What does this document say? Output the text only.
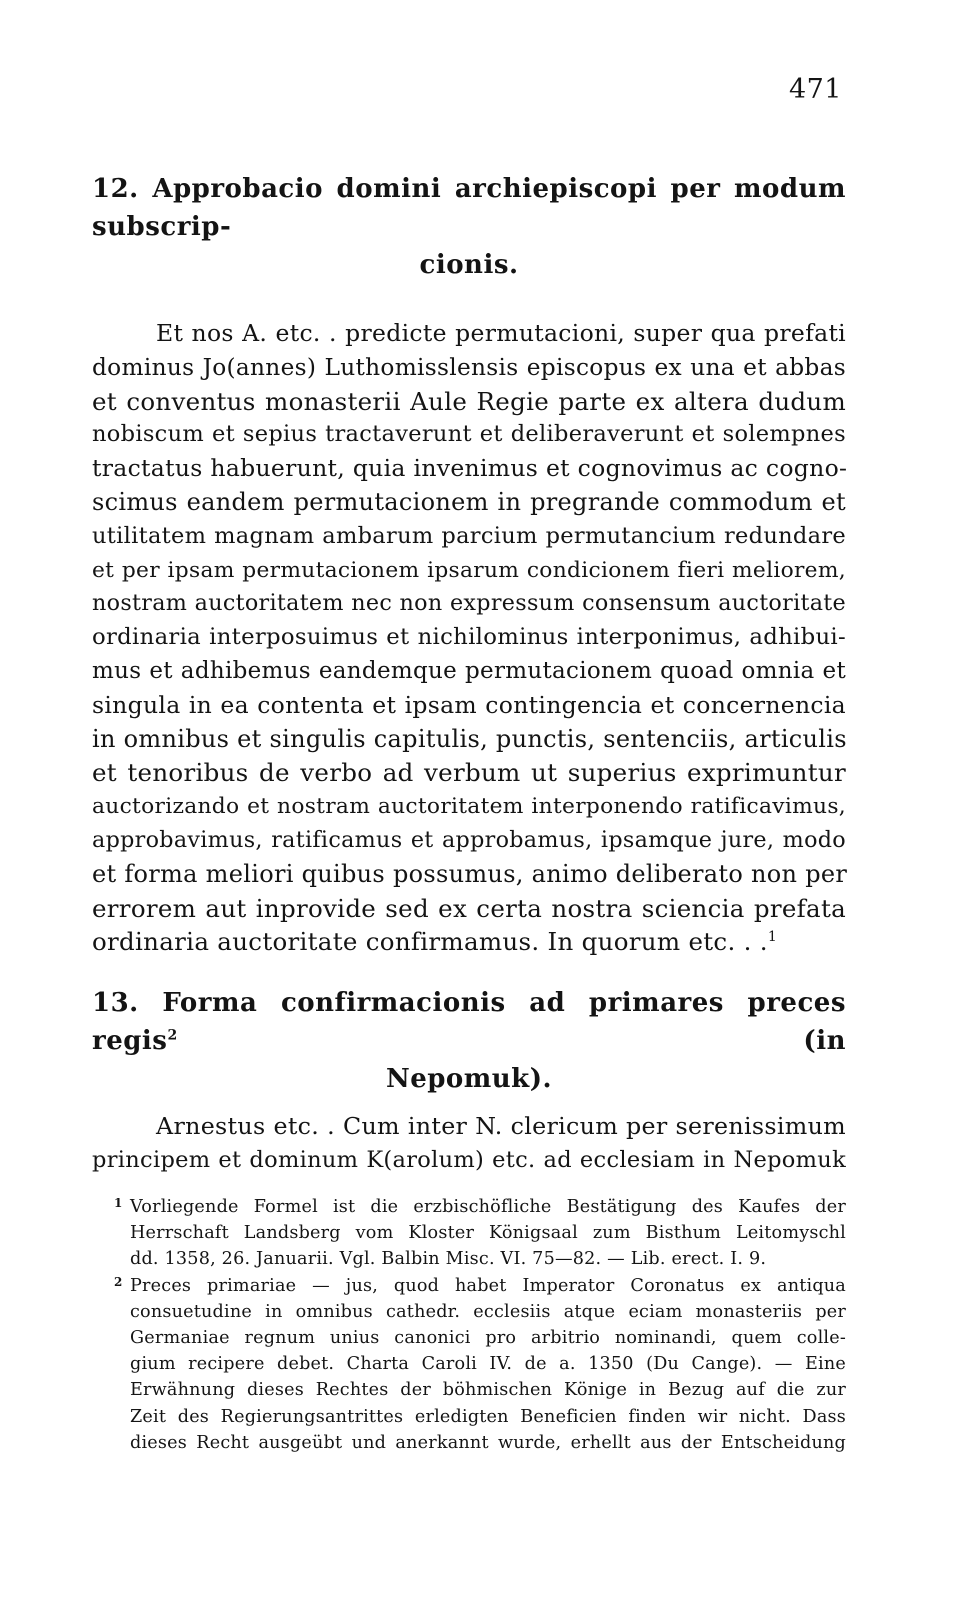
471
12. Approbacio domini archiepiscopi per modum subscrip-
cionis.
Et nos A. etc. . predicte permutacioni, super qua prefati
dominus Jo(annes) Luthomisslensis episcopus ex una et abbas
et conventus monasterii Aule Regie parte ex altera dudum
nobiscum et sepius tractaverunt et deliberaverunt et solempnes
tractatus habuerunt, quia invenimus et cognovimus ac cogno-
scimus eandem permutacionem in pregrande commodum et
utilitatem magnam ambarum parcium permutancium redundare
et per ipsam permutacionem ipsarum condicionem fieri meliorem,
nostram auctoritatem nec non expressum consensum auctoritate
ordinaria interposuimus et nichilominus interponimus, adhibui-
mus et adhibemus eandemque permutacionem quoad omnia et
singula in ea contenta et ipsam contingencia et concernencia
in omnibus et singulis capitulis, punctis, sentenciis, articulis
et tenoribus de verbo ad verbum ut superius exprimuntur
auctorizando et nostram auctoritatem interponendo ratificavimus,
approbavimus, ratificamus et approbamus, ipsamque jure, modo
et forma meliori quibus possumus, animo deliberato non per
errorem aut inprovide sed ex certa nostra sciencia prefata
ordinaria auctoritate confirmamus. In quorum etc. . .$^1$
13. Forma confirmacionis ad primares preces regis$^2$ (in
Nepomuk).
Arnestus etc. . Cum inter N. clericum per serenissimum
principem et dominum K(arolum) etc. ad ecclesiam in Nepomuk
1 Vorliegende Formel ist die erzbischöfliche Bestätigung des Kaufes der
Herrschaft Landsberg vom Kloster Königsaal zum Bisthum Leitomyschl
dd. 1358, 26. Januarii. Vgl. Balbin Misc. VI. 75—82. — Lib. erect. I. 9.
2 Preces primariae — jus, quod habet Imperator Coronatus ex antiqua
consuetudine in omnibus cathedr. ecclesiis atque eciam monasteriis per
Germaniae regnum unius canonici pro arbitrio nominandi, quem colle-
gium recipere debet. Charta Caroli IV. de a. 1350 (Du Cange). — Eine
Erwähnung dieses Rechtes der böhmischen Könige in Bezug auf die zur
Zeit des Regierungsantrittes erledigten Beneficien finden wir nicht. Dass
dieses Recht ausgeübt und anerkannt wurde, erhellt aus der Entscheidung
